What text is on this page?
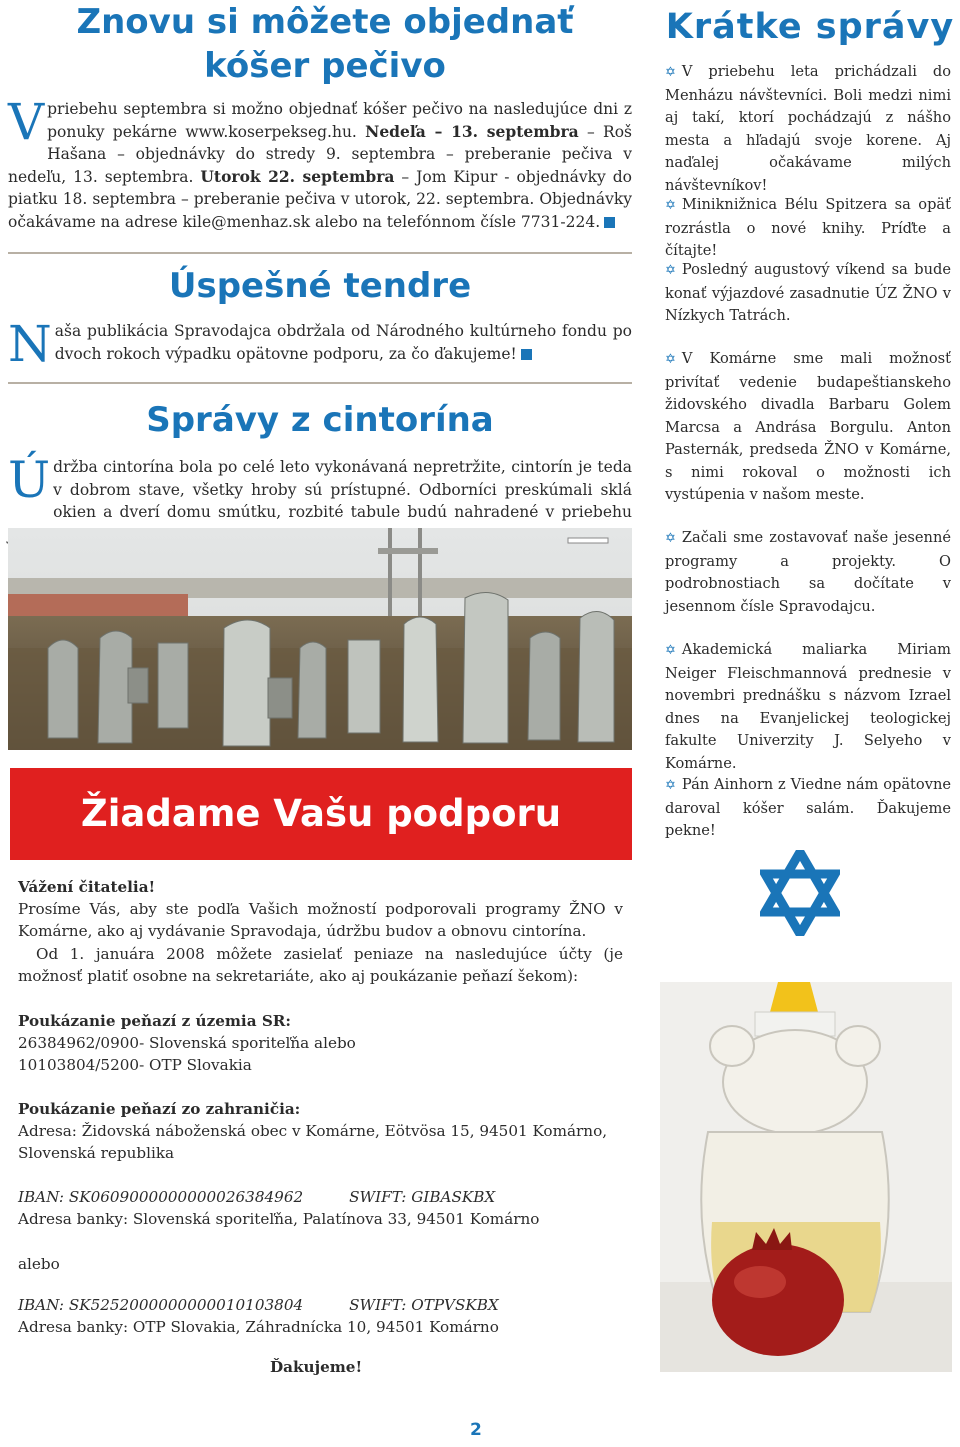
Znovu si môžete objednať
kóšer pečivo

Vpriebehu septembra si možno objednať kóšer pečivo na nasledujúce dni z ponuky pekárne www.koserpekseg.hu. Nedeľa – 13. septembra – Roš Hašana – objednávky do stredy 9. septembra – preberanie pečiva v nedeľu, 13. septembra. Utorok 22. septembra – Jom Kipur - objednávky do piatku 18. septembra – preberanie pečiva v utorok, 22. septembra. Objednávky očakávame na adrese kile@menhaz.sk alebo na telefónnom čísle 7731-224.

Úspešné tendre

Naša publikácia Spravodajca obdržala od Národného kultúrneho fondu po dvoch rokoch výpadku opätovne podporu, za čo ďakujeme!

Správy z cintorína

Údržba cintorína bola po celé leto vykonávaná nepretržite, cintorín je teda v dobrom stave, všetky hroby sú prístupné. Odborníci preskúmali sklá okien a dverí domu smútku, rozbité tabule budú nahradené v priebehu

Žiadame Vašu podporu

Vážení čitatelia!

Prosíme Vás, aby ste podľa Vašich možností podporovali programy ŽNO v Komárne, ako aj vydávanie Spravodaja, údržbu budov a obnovu cintorína.

Od 1. januára 2008 môžete zasielať peniaze na nasledujúce účty (je možnosť platiť osobne na sekretariáte, ako aj poukázanie peňazí šekom):

Poukázanie peňazí z územia SR:

26384962/0900- Slovenská sporiteľňa alebo

10103804/5200- OTP Slovakia

Poukázanie peňazí zo zahraničia:

Adresa: Židovská náboženská obec v Komárne, Eötvösa 15, 94501 Komárno, Slovenská republika

IBAN: SK0609000000000026384962	SWIFT: GIBASKBX

Adresa banky: Slovenská sporiteľňa, Palatínova 33, 94501 Komárno

alebo

IBAN: SK5252000000000010103804	SWIFT: OTPVSKBX

Adresa banky: OTP Slovakia, Záhradnícka 10, 94501 Komárno

Ďakujeme!

Krátke správy

✡ V priebehu leta prichádzali do Menházu návštevníci. Boli medzi nimi aj takí, ktorí pochádzajú z nášho mesta a hľadajú svoje korene. Aj naďalej očakávame milých návštevníkov!

✡ Miniknižnica Bélu Spitzera sa opäť rozrástla o nové knihy. Príďte a čítajte!

✡ Posledný augustový víkend sa bude konať výjazdové zasadnutie ÚZ ŽNO v Nízkych Tatrách.

✡ V Komárne sme mali možnosť privítať vedenie budapeštianskeho židovského divadla Barbaru Golem Marcsa a Andrása Borgulu. Anton Pasternák, predseda ŽNO v Komárne, s nimi rokoval o možnosti ich vystúpenia v našom meste.

✡ Začali sme zostavovať naše jesenné programy a projekty. O podrobnostiach sa dočítate v jesennom čísle Spravodajcu.

✡ Akademická maliarka Miriam Neiger Fleischmannová prednesie v novembri prednášku s názvom Izrael dnes na Evanjelickej teologickej fakulte Univerzity J. Selyeho v Komárne.

✡ Pán Ainhorn z Viedne nám opätovne daroval kóšer salám. Ďakujeme pekne!

2
